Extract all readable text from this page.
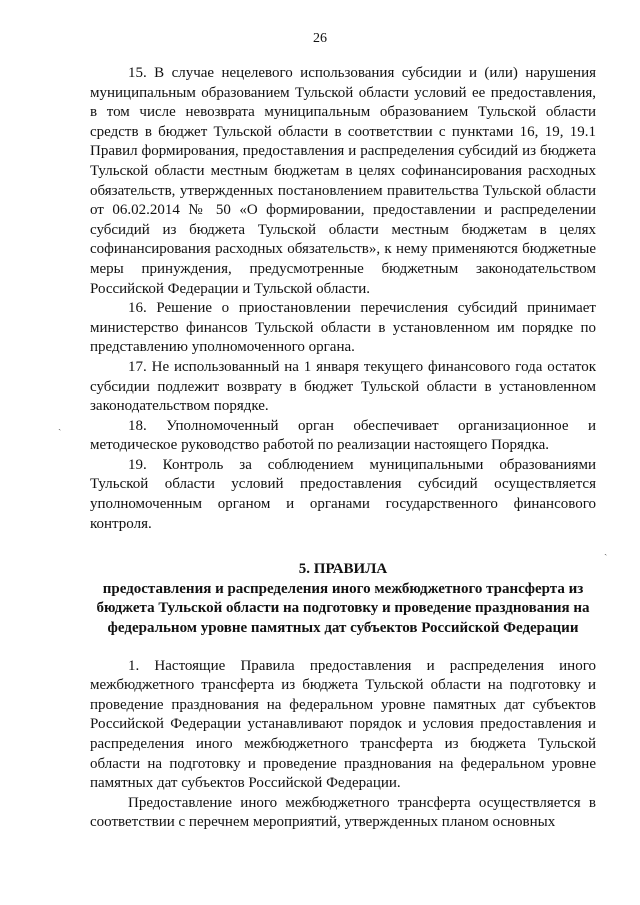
26

15. В случае нецелевого использования субсидии и (или) нарушения муниципальным образованием Тульской области условий ее предоставления, в том числе невозврата муниципальным образованием Тульской области средств в бюджет Тульской области в соответствии с пунктами 16, 19, 19.1 Правил формирования, предоставления и распределения субсидий из бюджета Тульской области местным бюджетам в целях софинансирования расходных обязательств, утвержденных постановлением правительства Тульской области от 06.02.2014 № 50 «О формировании, предоставлении и распределении субсидий из бюджета Тульской области местным бюджетам в целях софинансирования расходных обязательств», к нему применяются бюджетные меры принуждения, предусмотренные бюджетным законодательством Российской Федерации и Тульской области.

16. Решение о приостановлении перечисления субсидий принимает министерство финансов Тульской области в установленном им порядке по представлению уполномоченного органа.

17. Не использованный на 1 января текущего финансового года остаток субсидии подлежит возврату в бюджет Тульской области в установленном законодательством порядке.

18. Уполномоченный орган обеспечивает организационное и методическое руководство работой по реализации настоящего Порядка.

19. Контроль за соблюдением муниципальными образованиями Тульской области условий предоставления субсидий осуществляется уполномоченным органом и органами государственного финансового контроля.

5. ПРАВИЛА
предоставления и распределения иного межбюджетного трансферта из бюджета Тульской области на подготовку и проведение празднования на федеральном уровне памятных дат субъектов Российской Федерации

1. Настоящие Правила предоставления и распределения иного межбюджетного трансферта из бюджета Тульской области на подготовку и проведение празднования на федеральном уровне памятных дат субъектов Российской Федерации устанавливают порядок и условия предоставления и распределения иного межбюджетного трансферта из бюджета Тульской области на подготовку и проведение празднования на федеральном уровне памятных дат субъектов Российской Федерации.

Предоставление иного межбюджетного трансферта осуществляется в соответствии с перечнем мероприятий, утвержденных планом основных

ˏ
ˎ
